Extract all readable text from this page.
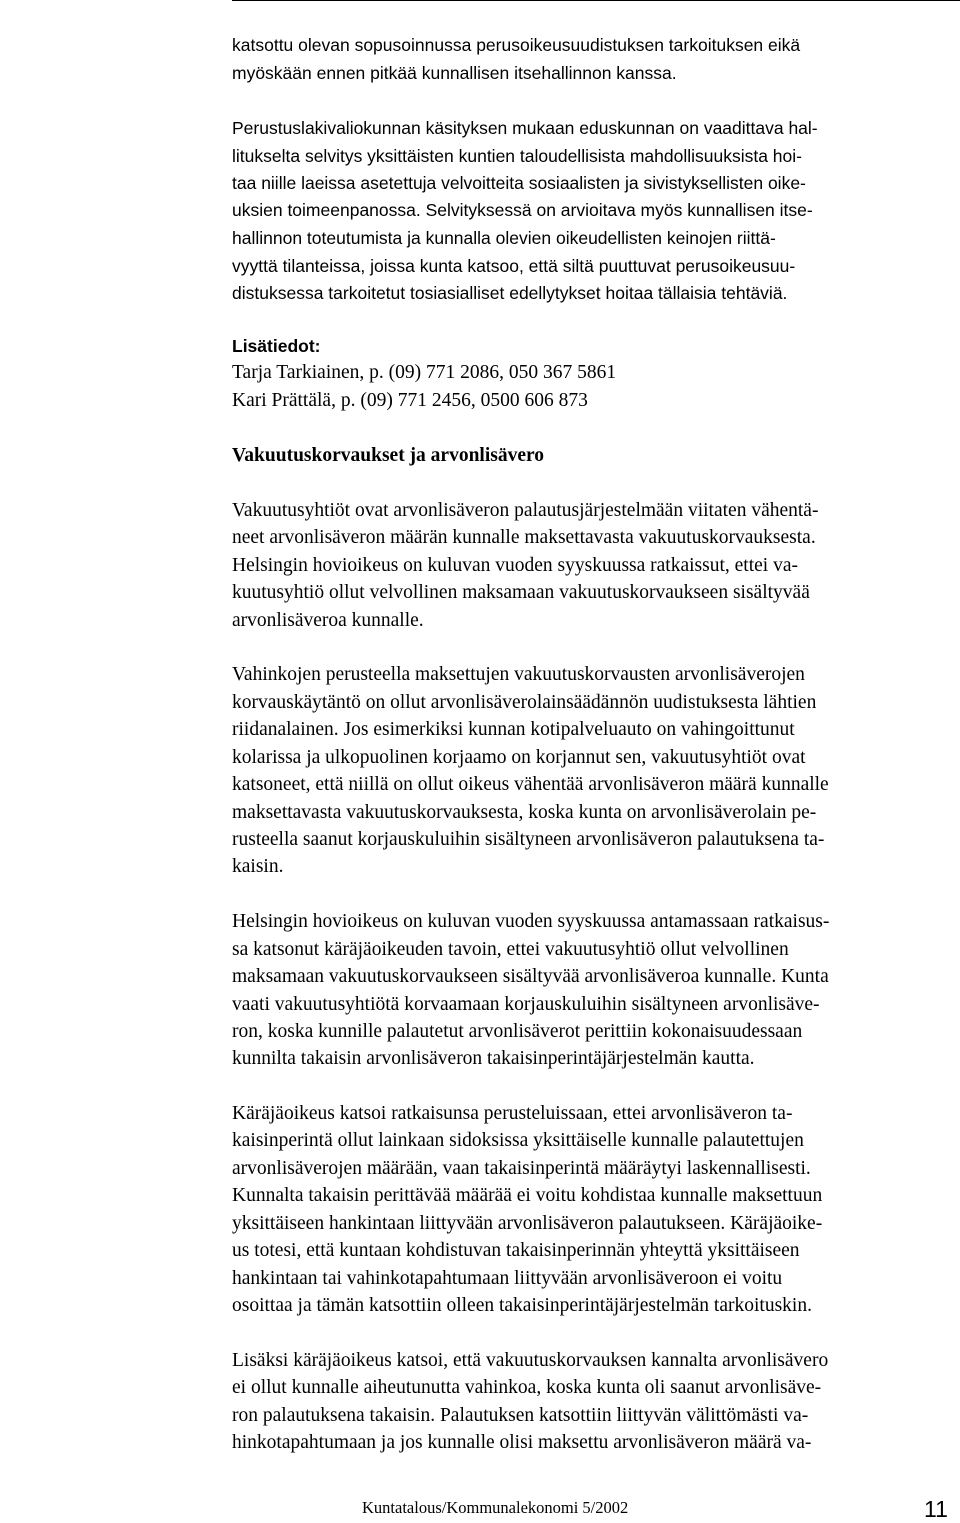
katsottu olevan sopusoinnussa perusoikeusuudistuksen tarkoituksen eikä
myöskään ennen pitkää kunnallisen itsehallinnon kanssa.
Perustuslakivaliokunnan käsityksen mukaan eduskunnan on vaadittava hal-
litukselta selvitys yksittäisten kuntien taloudellisista mahdollisuuksista hoi-
taa niille laeissa asetettuja velvoitteita sosiaalisten ja sivistyksellisten oike-
uksien toimeenpanossa. Selvityksessä on arvioitava myös kunnallisen itse-
hallinnon toteutumista ja kunnalla olevien oikeudellisten keinojen riittä-
vyyttä tilanteissa, joissa kunta katsoo, että siltä puuttuvat perusoikeusuu-
distuksessa tarkoitetut tosiasialliset edellytykset hoitaa tällaisia tehtäviä.
Lisätiedot:
Tarja Tarkiainen, p. (09) 771 2086, 050 367 5861
Kari Prättälä, p. (09) 771 2456, 0500 606 873
Vakuutuskorvaukset ja arvonlisävero
Vakuutusyhtiöt ovat arvonlisäveron palautusjärjestelmään viitaten vähentä-
neet arvonlisäveron määrän kunnalle maksettavasta vakuutuskorvauksesta.
Helsingin hovioikeus on kuluvan vuoden syyskuussa ratkaissut, ettei va-
kuutusyhtiö ollut velvollinen maksamaan vakuutuskorvaukseen sisältyvää
arvonlisäveroa kunnalle.
Vahinkojen perusteella maksettujen vakuutuskorvausten arvonlisäverojen
korvauskäytäntö on ollut arvonlisäverolainsäädännön uudistuksesta lähtien
riidanalainen. Jos esimerkiksi kunnan kotipalveluauto on vahingoittunut
kolarissa ja ulkopuolinen korjaamo on korjannut sen, vakuutusyhtiöt ovat
katsoneet, että niillä on ollut oikeus vähentää arvonlisäveron määrä kunnalle
maksettavasta vakuutuskorvauksesta, koska kunta on arvonlisäverolain pe-
rusteella saanut korjauskuluihin sisältyneen arvonlisäveron palautuksena ta-
kaisin.
Helsingin hovioikeus on kuluvan vuoden syyskuussa antamassaan ratkaisus-
sa katsonut käräjäoikeuden tavoin, ettei vakuutusyhtiö ollut velvollinen
maksamaan vakuutuskorvaukseen sisältyvää arvonlisäveroa kunnalle. Kunta
vaati vakuutusyhtiötä korvaamaan korjauskuluihin sisältyneen arvonlisäve-
ron, koska kunnille palautetut arvonlisäverot perittiin kokonaisuudessaan
kunnilta takaisin arvonlisäveron takaisinperintäjärjestelmän kautta.
Käräjäoikeus katsoi ratkaisunsa perusteluissaan, ettei arvonlisäveron ta-
kaisinperintä ollut lainkaan sidoksissa yksittäiselle kunnalle palautettujen
arvonlisäverojen määrään, vaan takaisinperintä määräytyi laskennallisesti.
Kunnalta takaisin perittävää määrää ei voitu kohdistaa kunnalle maksettuun
yksittäiseen hankintaan liittyvään arvonlisäveron palautukseen. Käräjäoike-
us totesi, että kuntaan kohdistuvan takaisinperinnän yhteyttä yksittäiseen
hankintaan tai vahinkotapahtumaan liittyvään arvonlisäveroon ei voitu
osoittaa ja tämän katsottiin olleen takaisinperintäjärjestelmän tarkoituskin.
Lisäksi käräjäoikeus katsoi, että vakuutuskorvauksen kannalta arvonlisävero
ei ollut kunnalle aiheutunutta vahinkoa, koska kunta oli saanut arvonlisäve-
ron palautuksena takaisin. Palautuksen katsottiin liittyvän välittömästi va-
hinkotapahtumaan ja jos kunnalle olisi maksettu arvonlisäveron määrä va-
Kuntatalous/Kommunalekonomi 5/2002	11
